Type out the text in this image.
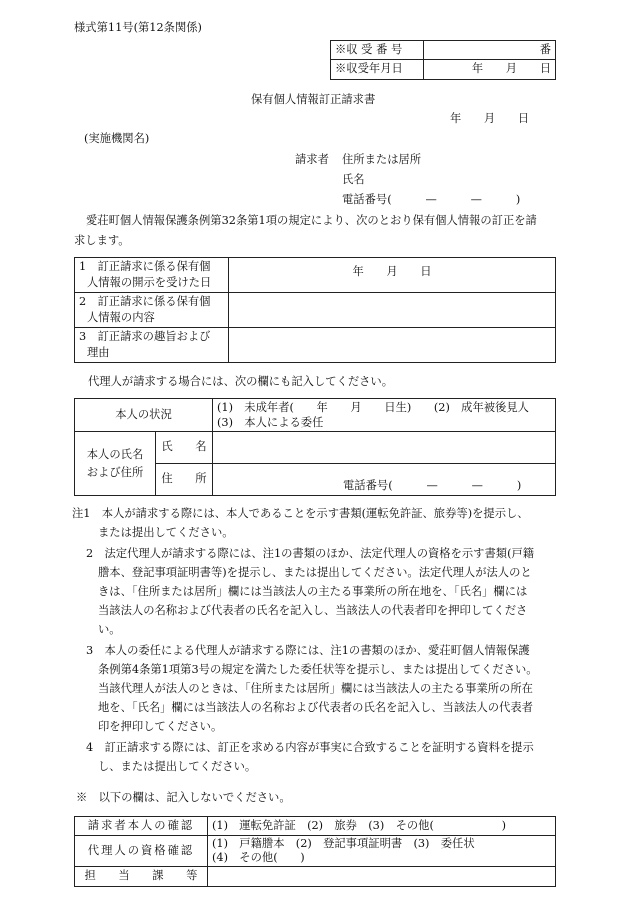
様式第11号(第12条関係)
※収 受 番 号	番
※収受年月日	年　　月　　日
保有個人情報訂正請求書
年　　月　　日
(実施機関名)
請求者 住所または居所
氏名
電話番号(　　　—　　　—　　　)
愛荘町個人情報保護条例第32条第1項の規定により、次のとおり保有個人情報の訂正を請
求します。
1　訂正請求に係る保有個
人情報の開示を受けた日	年　　月　　日

2　訂正請求に係る保有個
人情報の内容	

3　訂正請求の趣旨および
理由	

代理人が請求する場合には、次の欄にも記入してください。
本人の状況		(1)　未成年者(　　年　　月　　日生)　　(2)　成年被後見人
(3)　本人による委任

本人の氏名
および住所	氏　　名	
	住　　所	電話番号(　　　—　　　—　　　)
注1　本人が請求する際には、本人であることを示す書類(運転免許証、旅券等)を提示し、
または提出してください。
2　法定代理人が請求する際には、注1の書類のほか、法定代理人の資格を示す書類(戸籍
謄本、登記事項証明書等)を提示し、または提出してください。法定代理人が法人のと
きは、「住所または居所」欄には当該法人の主たる事業所の所在地を、「氏名」欄には
当該法人の名称および代表者の氏名を記入し、当該法人の代表者印を押印してくださ
い。
3　本人の委任による代理人が請求する際には、注1の書類のほか、愛荘町個人情報保護
条例第4条第1項第3号の規定を満たした委任状等を提示し、または提出してください。
当該代理人が法人のときは、「住所または居所」欄には当該法人の主たる事業所の所在
地を、「氏名」欄には当該法人の名称および代表者の氏名を記入し、当該法人の代表者
印を押印してください。
4　訂正請求する際には、訂正を求める内容が事実に合致することを証明する資料を提示
し、または提出してください。
※　以下の欄は、記入しないでください。
請求者本人の確認	(1)　運転免許証　(2)　旅券　(3)　その他(　　　　　　)
代理人の資格確認	(1)　戸籍謄本　(2)　登記事項証明書　(3)　委任状
(4)　その他(　　)

担　　当　　課　　等	
